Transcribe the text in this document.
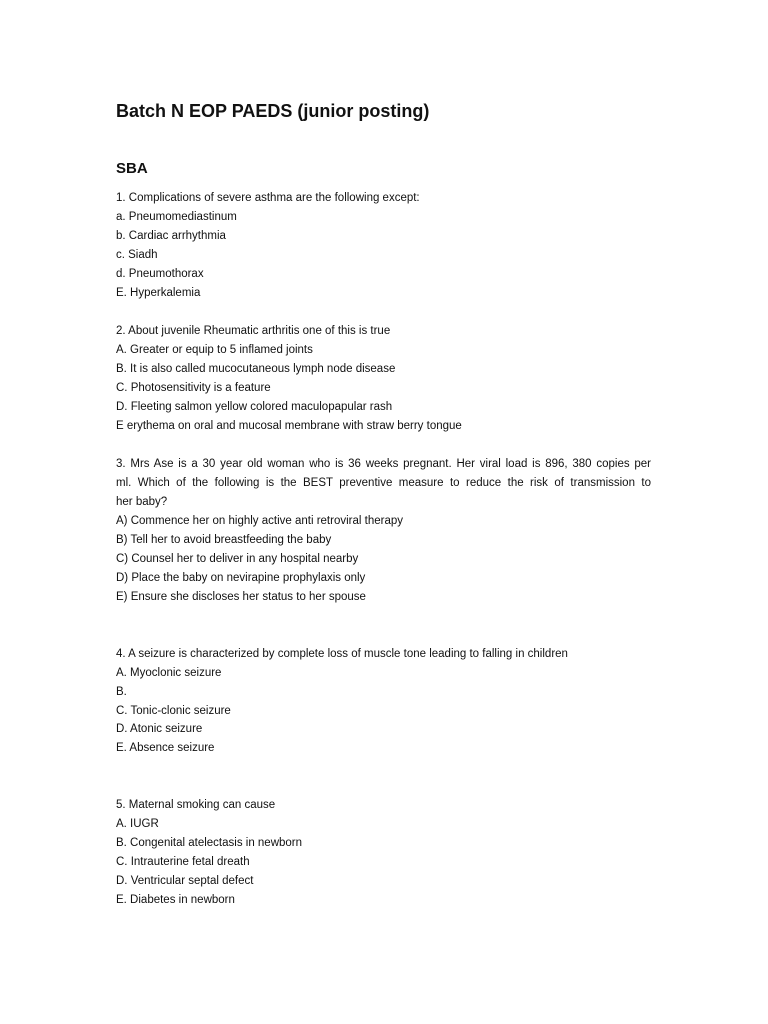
Batch N EOP PAEDS (junior posting)
SBA
1. Complications of severe asthma are the following except:
a. Pneumomediastinum
b. Cardiac arrhythmia
c. Siadh
d. Pneumothorax
E. Hyperkalemia
2. About juvenile Rheumatic arthritis one of this is true
A. Greater or equip to 5 inflamed joints
B. It is also called mucocutaneous lymph node disease
C. Photosensitivity is a feature
D. Fleeting salmon yellow colored maculopapular rash
E erythema on oral and mucosal membrane with straw berry tongue
3. Mrs Ase is a 30 year old woman who is 36 weeks pregnant. Her viral load is 896, 380 copies per
ml. Which of the following is the BEST preventive measure to reduce the risk of transmission to
her baby?
A) Commence her on highly active anti retroviral therapy
B) Tell her to avoid breastfeeding the baby
C) Counsel her to deliver in any hospital nearby
D) Place the baby on nevirapine prophylaxis only
E) Ensure she discloses her status to her spouse
4. A seizure is characterized by complete loss of muscle tone leading to falling in children
A. Myoclonic seizure
B.
C. Tonic-clonic seizure
D. Atonic seizure
E. Absence seizure
5. Maternal smoking can cause
A. IUGR
B. Congenital atelectasis in newborn
C. Intrauterine fetal dreath
D. Ventricular septal defect
E. Diabetes in newborn
